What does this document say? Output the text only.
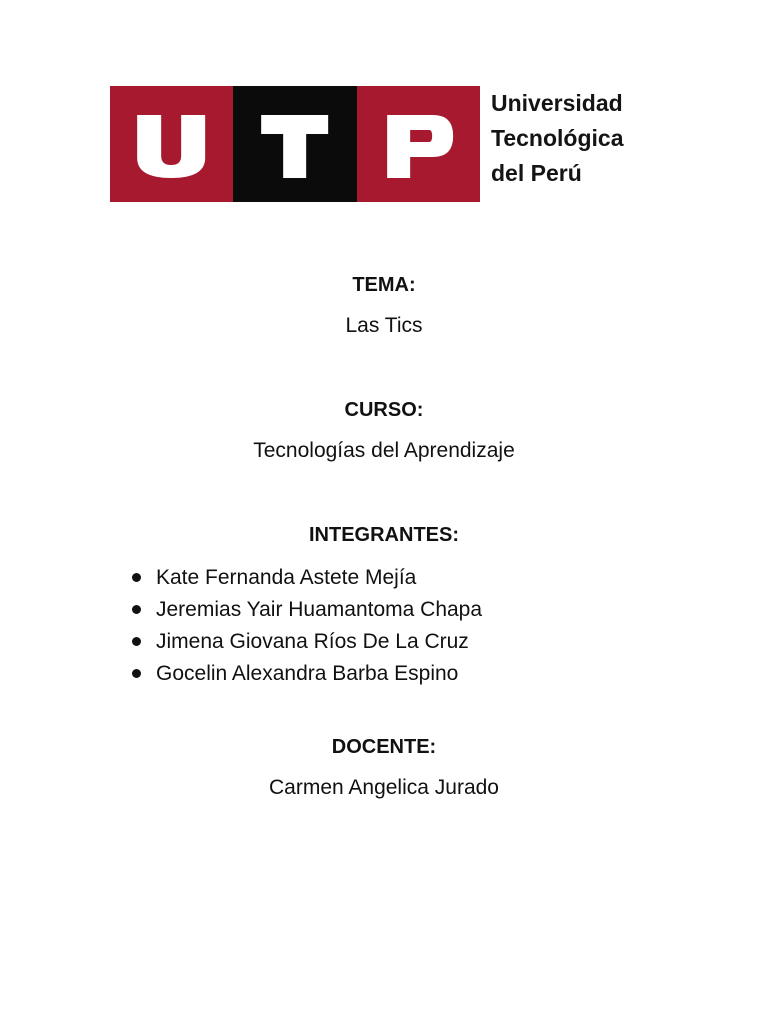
Universidad
Tecnológica
del Perú
TEMA:
Las Tics
CURSO:
Tecnologías del Aprendizaje
INTEGRANTES:
Kate Fernanda Astete Mejía
Jeremias Yair Huamantoma Chapa
Jimena Giovana Ríos De La Cruz
Gocelin Alexandra Barba Espino
DOCENTE:
Carmen Angelica Jurado
